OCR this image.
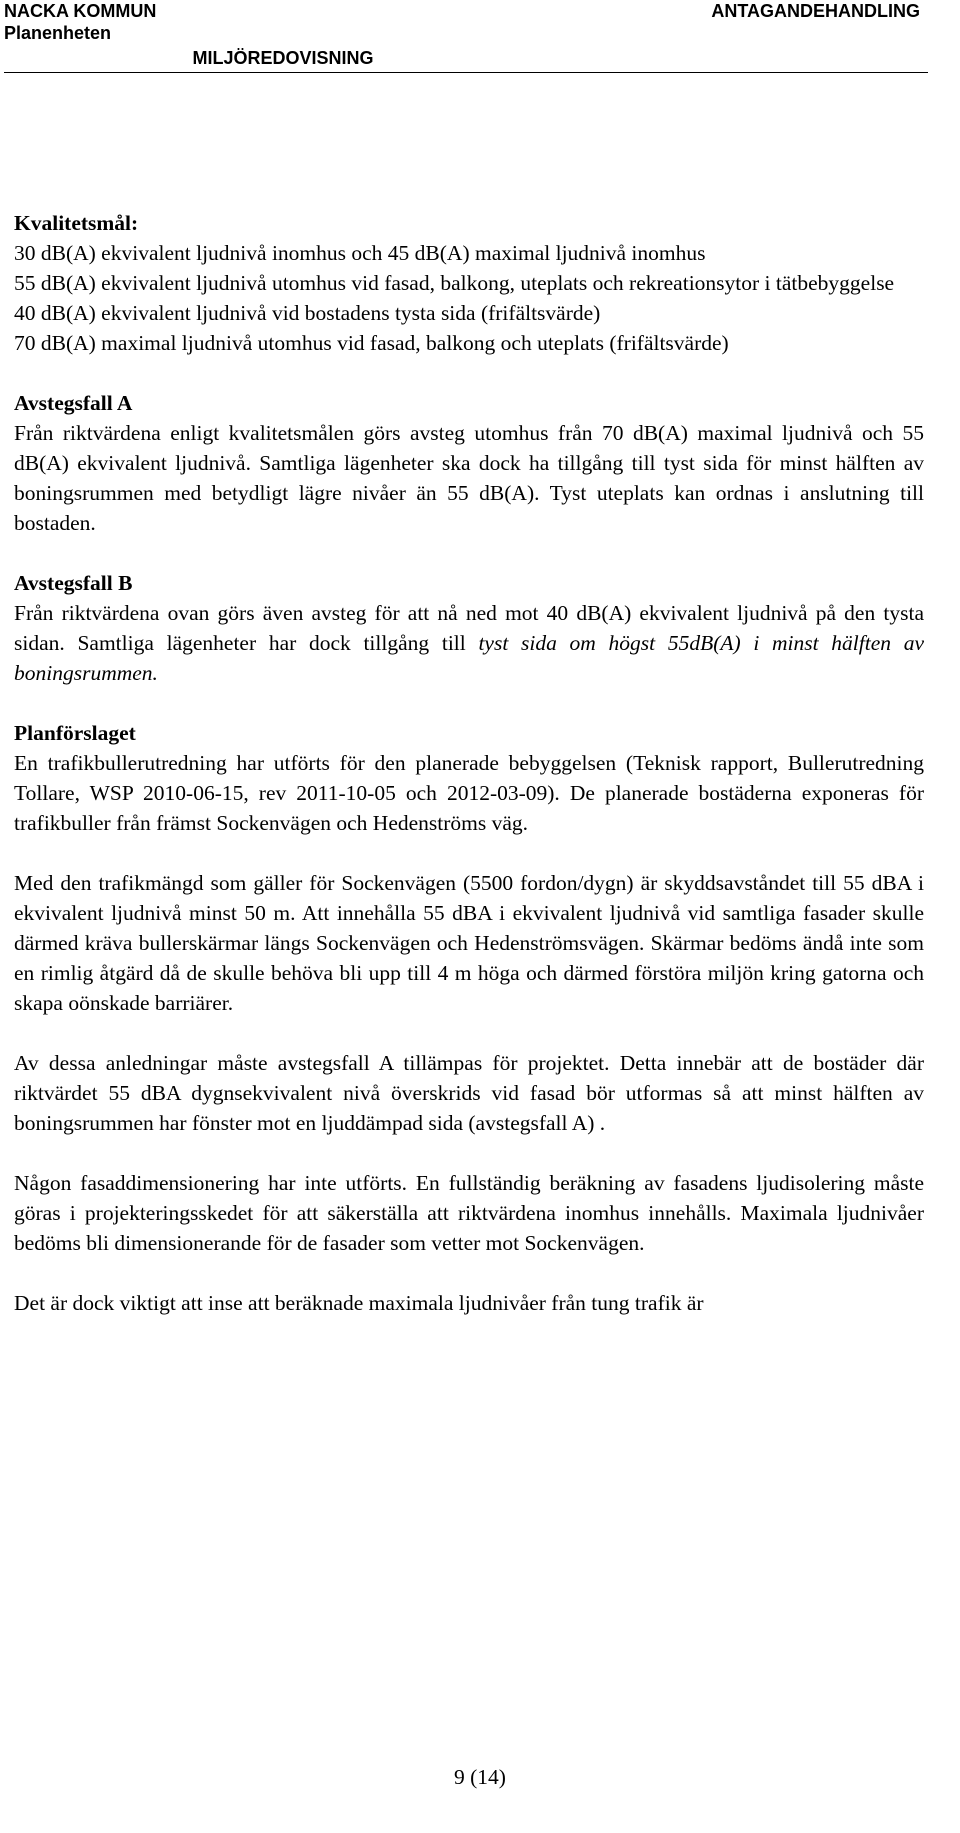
NACKA KOMMUN
Planenheten
ANTAGANDEHANDLING
MILJÖREDOVISNING

Kvalitetsmål:

30 dB(A) ekvivalent ljudnivå inomhus och 45 dB(A) maximal ljudnivå inomhus

55 dB(A) ekvivalent ljudnivå utomhus vid fasad, balkong, uteplats och rekreationsytor i tätbebyggelse

40 dB(A) ekvivalent ljudnivå vid bostadens tysta sida (frifältsvärde)

70 dB(A) maximal ljudnivå utomhus vid fasad, balkong och uteplats (frifältsvärde)

Avstegsfall A

Från riktvärdena enligt kvalitetsmålen görs avsteg utomhus från 70 dB(A) maximal ljudnivå och 55 dB(A) ekvivalent ljudnivå. Samtliga lägenheter ska dock ha tillgång till tyst sida för minst hälften av boningsrummen med betydligt lägre nivåer än 55 dB(A). Tyst uteplats kan ordnas i anslutning till bostaden.

Avstegsfall B

Från riktvärdena ovan görs även avsteg för att nå ned mot 40 dB(A) ekvivalent ljudnivå på den tysta sidan. Samtliga lägenheter har dock tillgång till tyst sida om högst 55dB(A) i minst hälften av boningsrummen.

Planförslaget

En trafikbullerutredning har utförts för den planerade bebyggelsen (Teknisk rapport, Bullerutredning Tollare, WSP 2010-06-15, rev 2011-10-05 och 2012-03-09). De planerade bostäderna exponeras för trafikbuller från främst Sockenvägen och Hedenströms väg.

Med den trafikmängd som gäller för Sockenvägen (5500 fordon/dygn) är skyddsavståndet till 55 dBA i ekvivalent ljudnivå minst 50 m. Att innehålla 55 dBA i ekvivalent ljudnivå vid samtliga fasader skulle därmed kräva bullerskärmar längs Sockenvägen och Hedenströmsvägen. Skärmar bedöms ändå inte som en rimlig åtgärd då de skulle behöva bli upp till 4 m höga och därmed förstöra miljön kring gatorna och skapa oönskade barriärer.

Av dessa anledningar måste avstegsfall A tillämpas för projektet. Detta innebär att de bostäder där riktvärdet 55 dBA dygnsekvivalent nivå överskrids vid fasad bör utformas så att minst hälften av boningsrummen har fönster mot en ljuddämpad sida (avstegsfall A) .

Någon fasaddimensionering har inte utförts. En fullständig beräkning av fasadens ljudisolering måste göras i projekteringsskedet för att säkerställa att riktvärdena inomhus innehålls. Maximala ljudnivåer bedöms bli dimensionerande för de fasader som vetter mot Sockenvägen.

Det är dock viktigt att inse att beräknade maximala ljudnivåer från tung trafik är

9 (14)
